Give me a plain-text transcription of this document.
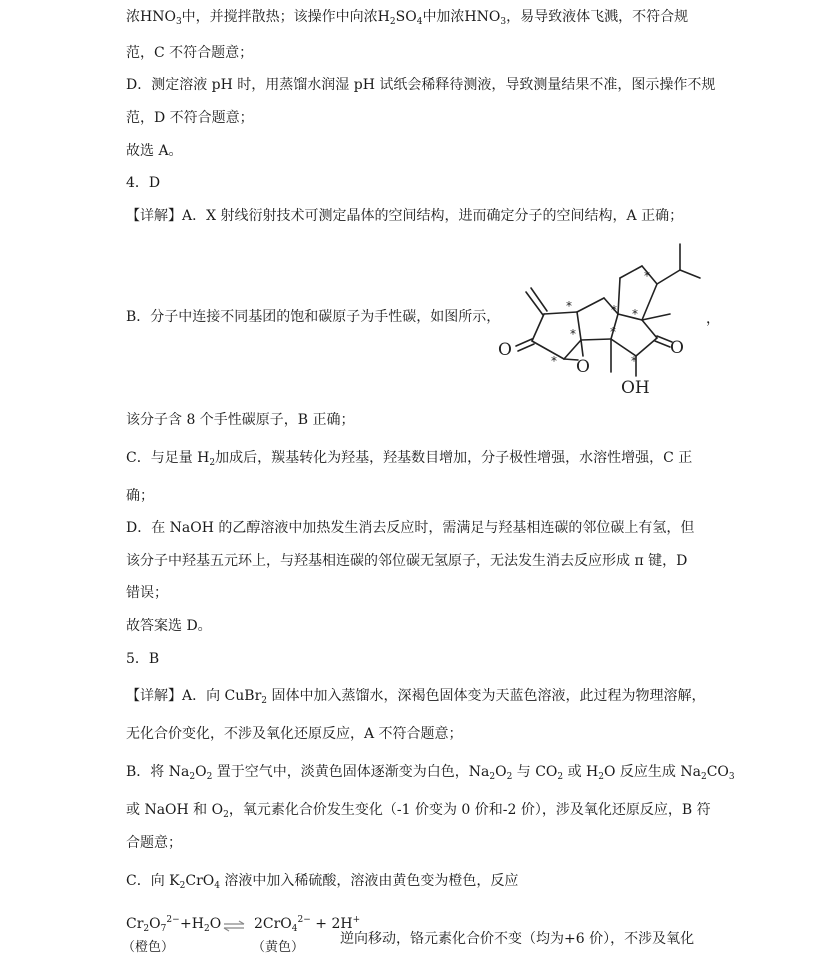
浓$HNO_3$中，并搅拌散热；该操作中向浓$H_2SO_4$中加浓$HNO_3$，易导致液体飞溅，不符合规
范，C 不符合题意；
D．测定溶液 pH 时，用蒸馏水润湿 pH 试纸会稀释待测液，导致测量结果不准，图示操作不规
范，D 不符合题意；
故选 A。
4．D
【详解】A．X 射线衍射技术可测定晶体的空间结构，进而确定分子的空间结构，A 正确；
B．分子中连接不同基团的饱和碳原子为手性碳，如图所示，
O
O
O
OH
*
*
*
*
*
*
*
*
，
该分子含 8 个手性碳原子，B 正确；
C．与足量 $H_2$加成后，羰基转化为羟基，羟基数目增加，分子极性增强，水溶性增强，C 正
确；
D．在 NaOH 的乙醇溶液中加热发生消去反应时，需满足与羟基相连碳的邻位碳上有氢，但
该分子中羟基五元环上，与羟基相连碳的邻位碳无氢原子，无法发生消去反应形成 π 键，D
错误；
故答案选 D。
5．B
【详解】A．向 CuBr$_2$ 固体中加入蒸馏水，深褐色固体变为天蓝色溶液，此过程为物理溶解，
无化合价变化，不涉及氧化还原反应，A 不符合题意；
B．将 $Na_2O_2$ 置于空气中，淡黄色固体逐渐变为白色，$Na_2O_2$ 与 $CO_2$ 或 $H_2O$ 反应生成 $Na_2CO_3$
或 NaOH 和 $O_2$，氧元素化合价发生变化（-1 价变为 0 价和-2 价），涉及氧化还原反应，B 符
合题意；
C．向 $K_2CrO_4$ 溶液中加入稀硫酸，溶液由黄色变为橙色，反应
$Cr_2O_7^{2-} +H_2O$ ⇌ 2CrO$_4^{2-}$ + 2H+
（橙色）	（黄色）
逆向移动，铬元素化合价不变（均为+6 价），不涉及氧化
